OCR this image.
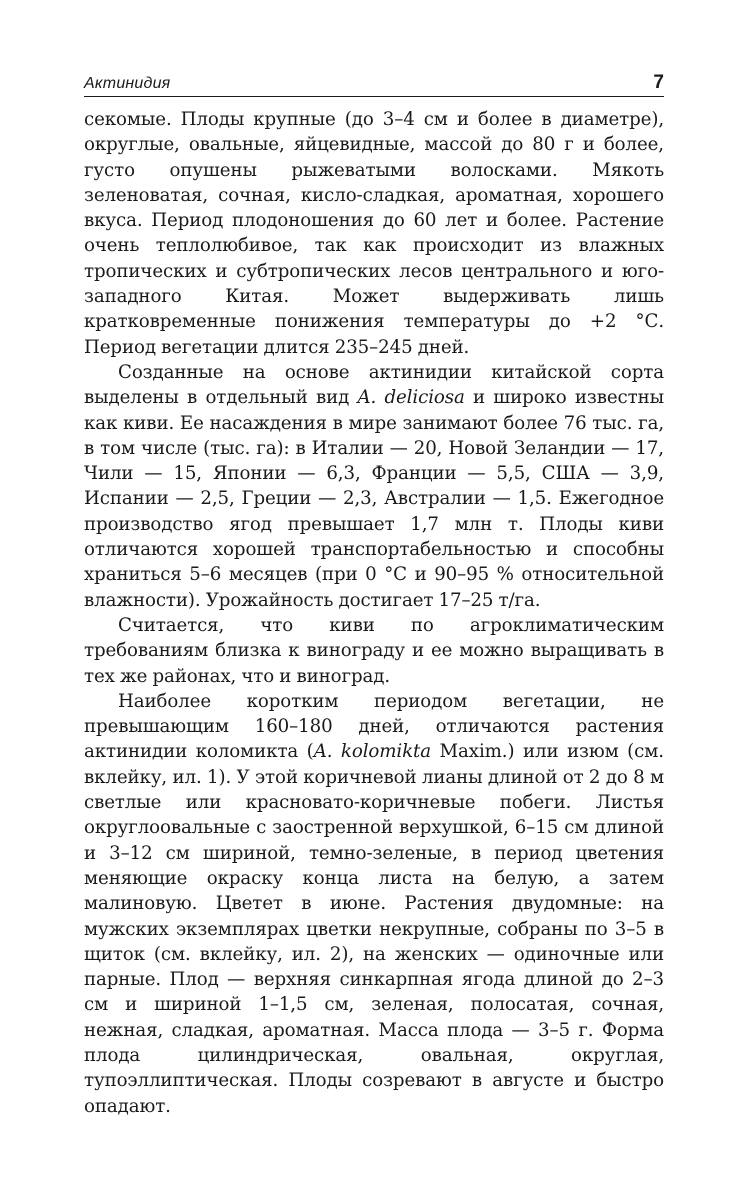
Актинидия	7

секомые. Плоды крупные (до 3–4 см и более в диаметре), округлые, овальные, яйцевидные, массой до 80 г и более, густо опушены рыжеватыми волосками. Мякоть зеленоватая, сочная, кисло-сладкая, ароматная, хорошего вкуса. Период плодоношения до 60 лет и более. Растение очень теплолюбивое, так как происходит из влажных тропических и субтропических лесов центрального и юго-западного Китая. Может выдерживать лишь кратковременные понижения температуры до +2 °С. Период вегетации длится 235–245 дней.

Созданные на основе актинидии китайской сорта выделены в отдельный вид A. deliciosa и широко известны как киви. Ее насаждения в мире занимают более 76 тыс. га, в том числе (тыс. га): в Италии — 20, Новой Зеландии — 17, Чили — 15, Японии — 6,3, Франции — 5,5, США — 3,9, Испании — 2,5, Греции — 2,3, Австралии — 1,5. Ежегодное производство ягод превышает 1,7 млн т. Плоды киви отличаются хорошей транспортабельностью и способны храниться 5–6 месяцев (при 0 °С и 90–95 % относительной влажности). Урожайность достигает 17–25 т/га.

Считается, что киви по агроклиматическим требованиям близка к винограду и ее можно выращивать в тех же районах, что и виноград.

Наиболее коротким периодом вегетации, не превышающим 160–180 дней, отличаются растения актинидии коломикта (A. kolomikta Maxim.) или изюм (см. вклейку, ил. 1). У этой коричневой лианы длиной от 2 до 8 м светлые или красновато-коричневые побеги. Листья округлоовальные с заостренной верхушкой, 6–15 см длиной и 3–12 см шириной, темно-зеленые, в период цветения меняющие окраску конца листа на белую, а затем малиновую. Цветет в июне. Растения двудомные: на мужских экземплярах цветки некрупные, собраны по 3–5 в щиток (см. вклейку, ил. 2), на женских — одиночные или парные. Плод — верхняя синкарпная ягода длиной до 2–3 см и шириной 1–1,5 см, зеленая, полосатая, сочная, нежная, сладкая, ароматная. Масса плода — 3–5 г. Форма плода цилиндрическая, овальная, округлая, тупоэллиптическая. Плоды созревают в августе и быстро опадают.
